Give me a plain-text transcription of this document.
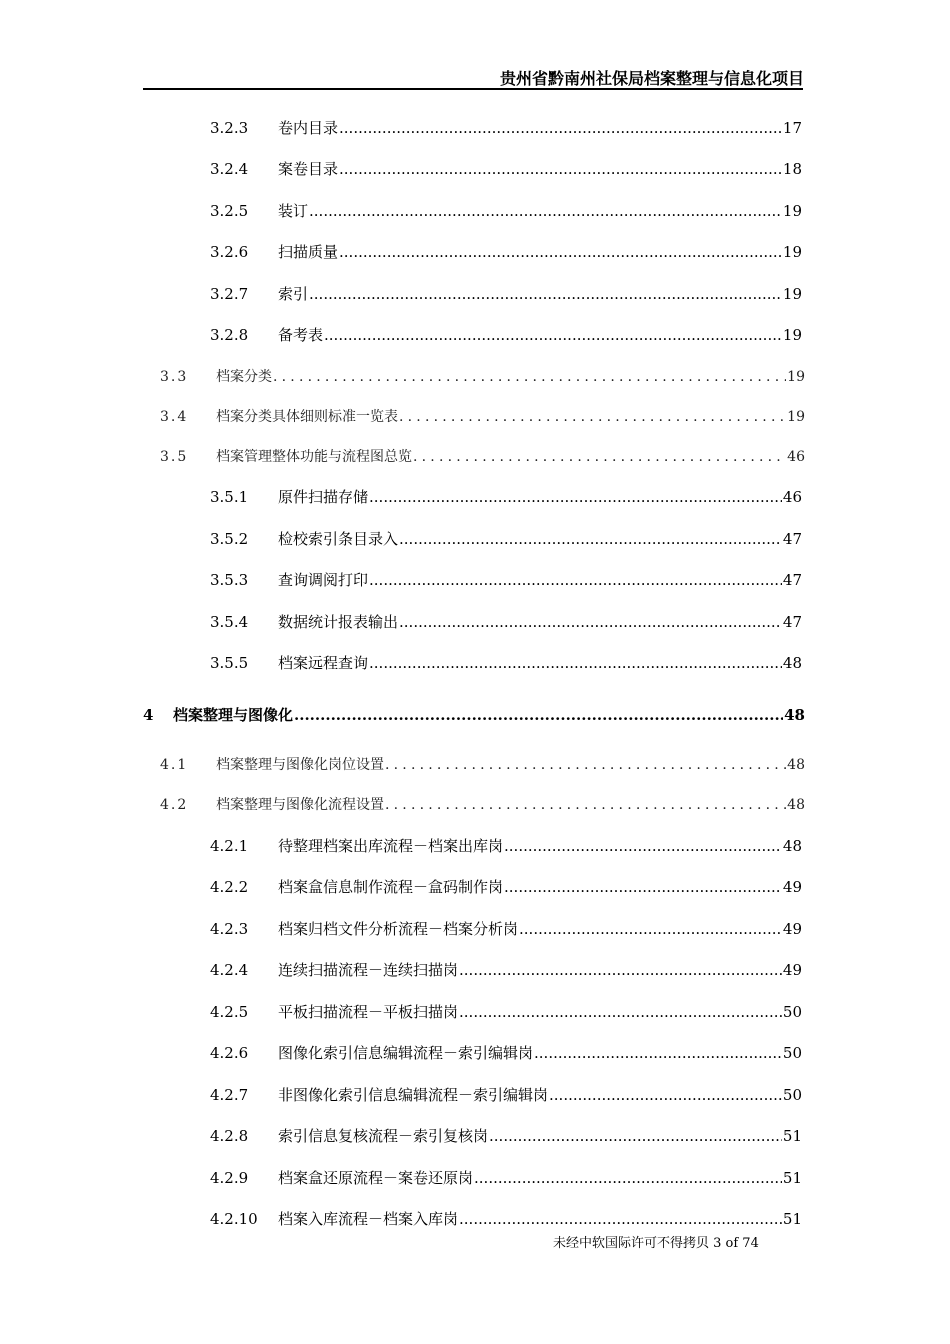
贵州省黔南州社保局档案整理与信息化项目
3.2.3	卷内目录 .....	17
3.2.4	案卷目录 .....	18
3.2.5	装订 .....	19
3.2.6	扫描质量 .....	19
3.2.7	索引 .....	19
3.2.8	备考表 .....	19
3.3	档案分类 .....	19
3.4	档案分类具体细则标准一览表 .....	19
3.5	档案管理整体功能与流程图总览 .....	46
3.5.1	原件扫描存储 .....	46
3.5.2	检校索引条目录入 .....	47
3.5.3	查询调阅打印 .....	47
3.5.4	数据统计报表输出 .....	47
3.5.5	档案远程查询 .....	48
4	档案整理与图像化 .....	48
4.1	档案整理与图像化岗位设置 .....	48
4.2	档案整理与图像化流程设置 .....	48
4.2.1	待整理档案出库流程－档案出库岗 .....	48
4.2.2	档案盒信息制作流程－盒码制作岗 .....	49
4.2.3	档案归档文件分析流程－档案分析岗 .....	49
4.2.4	连续扫描流程－连续扫描岗 .....	49
4.2.5	平板扫描流程－平板扫描岗 .....	50
4.2.6	图像化索引信息编辑流程－索引编辑岗 .....	50
4.2.7	非图像化索引信息编辑流程－索引编辑岗 .....	50
4.2.8	索引信息复核流程－索引复核岗 .....	51
4.2.9	档案盒还原流程－案卷还原岗 .....	51
4.2.10	档案入库流程－档案入库岗 .....	51
未经中软国际许可不得拷贝 3 of 74
